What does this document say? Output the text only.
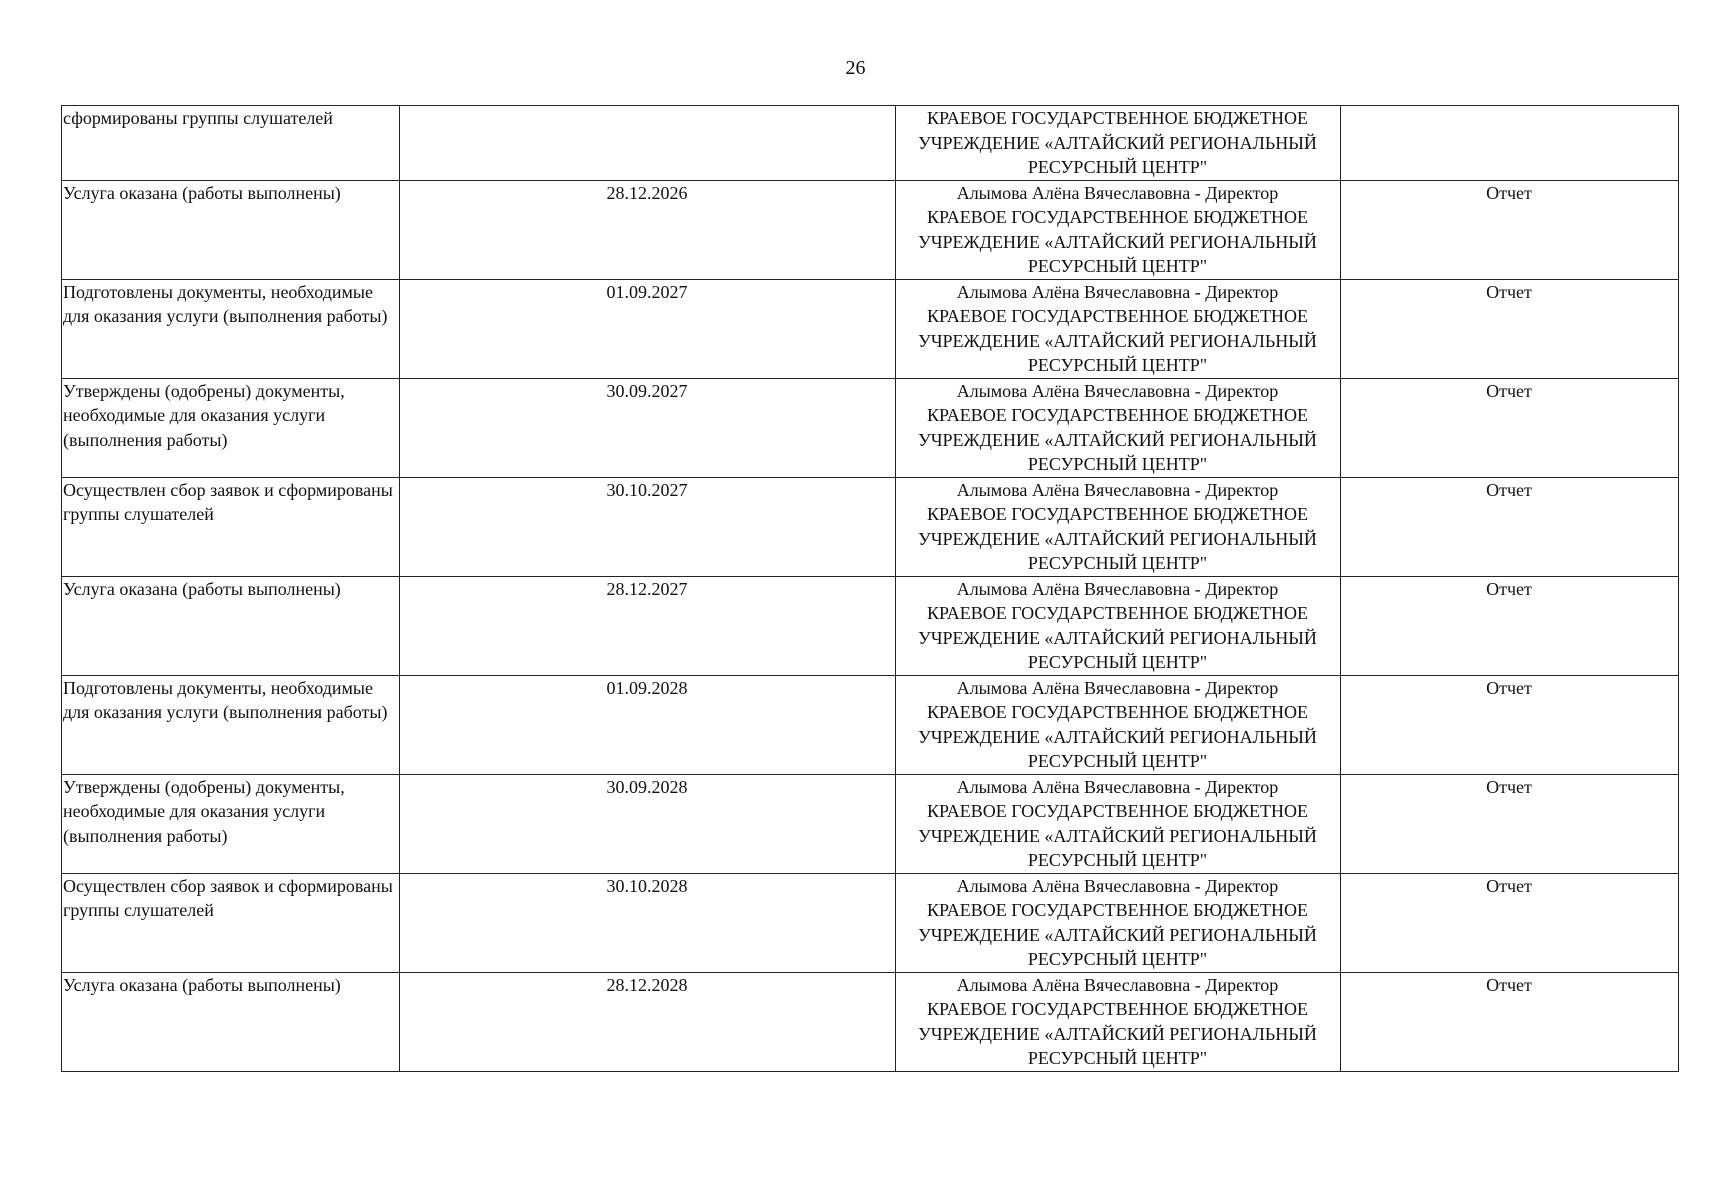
26
сформированы группы слушателей		КРАЕВОЕ ГОСУДАРСТВЕННОЕ БЮДЖЕТНОЕ
УЧРЕЖДЕНИЕ «АЛТАЙСКИЙ РЕГИОНАЛЬНЫЙ
РЕСУРСНЫЙ ЦЕНТР"	

Услуга оказана (работы выполнены)	28.12.2026	Алымова Алёна Вячеславовна - Директор
КРАЕВОЕ ГОСУДАРСТВЕННОЕ БЮДЖЕТНОЕ
УЧРЕЖДЕНИЕ «АЛТАЙСКИЙ РЕГИОНАЛЬНЫЙ
РЕСУРСНЫЙ ЦЕНТР"	Отчет
Подготовлены документы, необходимые для оказания услуги (выполнения работы)	01.09.2027	Алымова Алёна Вячеславовна - Директор
КРАЕВОЕ ГОСУДАРСТВЕННОЕ БЮДЖЕТНОЕ
УЧРЕЖДЕНИЕ «АЛТАЙСКИЙ РЕГИОНАЛЬНЫЙ
РЕСУРСНЫЙ ЦЕНТР"	Отчет
Утверждены (одобрены) документы, необходимые для оказания услуги (выполнения работы)	30.09.2027	Алымова Алёна Вячеславовна - Директор
КРАЕВОЕ ГОСУДАРСТВЕННОЕ БЮДЖЕТНОЕ
УЧРЕЖДЕНИЕ «АЛТАЙСКИЙ РЕГИОНАЛЬНЫЙ
РЕСУРСНЫЙ ЦЕНТР"	Отчет
Осуществлен сбор заявок и сформированы группы слушателей	30.10.2027	Алымова Алёна Вячеславовна - Директор
КРАЕВОЕ ГОСУДАРСТВЕННОЕ БЮДЖЕТНОЕ
УЧРЕЖДЕНИЕ «АЛТАЙСКИЙ РЕГИОНАЛЬНЫЙ
РЕСУРСНЫЙ ЦЕНТР"	Отчет
Услуга оказана (работы выполнены)	28.12.2027	Алымова Алёна Вячеславовна - Директор
КРАЕВОЕ ГОСУДАРСТВЕННОЕ БЮДЖЕТНОЕ
УЧРЕЖДЕНИЕ «АЛТАЙСКИЙ РЕГИОНАЛЬНЫЙ
РЕСУРСНЫЙ ЦЕНТР"	Отчет
Подготовлены документы, необходимые для оказания услуги (выполнения работы)	01.09.2028	Алымова Алёна Вячеславовна - Директор
КРАЕВОЕ ГОСУДАРСТВЕННОЕ БЮДЖЕТНОЕ
УЧРЕЖДЕНИЕ «АЛТАЙСКИЙ РЕГИОНАЛЬНЫЙ
РЕСУРСНЫЙ ЦЕНТР"	Отчет
Утверждены (одобрены) документы, необходимые для оказания услуги (выполнения работы)	30.09.2028	Алымова Алёна Вячеславовна - Директор
КРАЕВОЕ ГОСУДАРСТВЕННОЕ БЮДЖЕТНОЕ
УЧРЕЖДЕНИЕ «АЛТАЙСКИЙ РЕГИОНАЛЬНЫЙ
РЕСУРСНЫЙ ЦЕНТР"	Отчет
Осуществлен сбор заявок и сформированы группы слушателей	30.10.2028	Алымова Алёна Вячеславовна - Директор
КРАЕВОЕ ГОСУДАРСТВЕННОЕ БЮДЖЕТНОЕ
УЧРЕЖДЕНИЕ «АЛТАЙСКИЙ РЕГИОНАЛЬНЫЙ
РЕСУРСНЫЙ ЦЕНТР"	Отчет
Услуга оказана (работы выполнены)	28.12.2028	Алымова Алёна Вячеславовна - Директор
КРАЕВОЕ ГОСУДАРСТВЕННОЕ БЮДЖЕТНОЕ
УЧРЕЖДЕНИЕ «АЛТАЙСКИЙ РЕГИОНАЛЬНЫЙ
РЕСУРСНЫЙ ЦЕНТР"	Отчет
